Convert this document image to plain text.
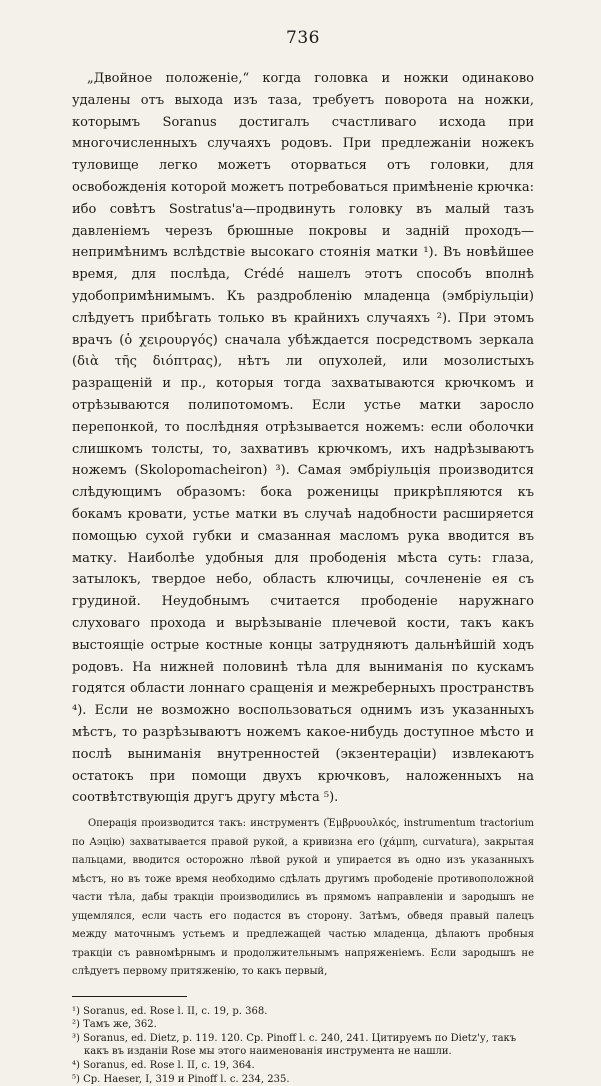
736

„Двойное положеніе,“ когда головка и ножки одинаково удалены отъ выхода изъ таза, требуетъ поворота на ножки, которымъ Soranus достигалъ счастливаго исхода при многочисленныхъ случаяхъ родовъ. При предлежаніи ножекъ туловище легко можетъ оторваться отъ головки, для освобожденія которой можетъ потребоваться примѣненіе крючка: ибо совѣтъ Sostratus'а—продвинуть головку въ малый тазъ давленіемъ черезъ брюшные покровы и задній проходъ—непримѣнимъ вслѣдствіе высокаго стоянія матки ¹). Въ новѣйшее время, для послѣда, Crédé нашелъ этотъ способъ вполнѣ удобопримѣнимымъ. Къ раздробленію младенца (эмбріульціи) слѣдуетъ прибѣгать только въ крайнихъ случаяхъ ²). При этомъ врачъ (ὁ χειρουργός) сначала убѣждается посредствомъ зеркала (διὰ τῆς διόπτρας), нѣтъ ли опухолей, или мозолистыхъ разращеній и пр., которыя тогда захватываются крючкомъ и отрѣзываются полипотомомъ. Если устье матки заросло перепонкой, то послѣдняя отрѣзывается ножемъ: если оболочки слишкомъ толсты, то, захвативъ крючкомъ, ихъ надрѣзываютъ ножемъ (Skolopomacheiron) ³). Самая эмбріульція производится слѣдующимъ образомъ: бока роженицы прикрѣпляются къ бокамъ кровати, устье матки въ случаѣ надобности расширяется помощью сухой губки и смазанная масломъ рука вводится въ матку. Наиболѣе удобныя для прободенія мѣста суть: глаза, затылокъ, твердое небо, область ключицы, сочлененіе ея съ грудиной. Неудобнымъ считается прободеніе наружнаго слуховаго прохода и вырѣзываніе плечевой кости, такъ какъ выстоящіе острые костные концы затрудняютъ дальнѣйшій ходъ родовъ. На нижней половинѣ тѣла для выниманія по кускамъ годятся области лоннаго сращенія и межреберныхъ пространствъ ⁴). Если не возможно воспользоваться однимъ изъ указанныхъ мѣстъ, то разрѣзываютъ ножемъ какое-нибудь доступное мѣсто и послѣ выниманія внутренностей (экзентераціи) извлекаютъ остатокъ при помощи двухъ крючковъ, наложенныхъ на соотвѣтствующія другъ другу мѣста ⁵).

Операція производится такъ: инструментъ (Ἐμβρυουλκός, instrumentum tractorium по Аэцію) захватывается правой рукой, а кривизна его (χάμπη, curvatura), закрытая пальцами, вводится осторожно лѣвой рукой и упирается въ одно изъ указанныхъ мѣстъ, но въ тоже время необходимо сдѣлать другимъ прободеніе противоположной части тѣла, дабы тракціи производились въ прямомъ направленіи и зародышъ не ущемлялся, если часть его подастся въ сторону. Затѣмъ, обведя правый палецъ между маточнымъ устьемъ и предлежащей частью младенца, дѣлаютъ пробныя тракціи съ равномѣрнымъ и продолжительнымъ напряженіемъ. Если зародышъ не слѣдуетъ первому притяженію, то какъ первый,

¹) Soranus, ed. Rose l. II, c. 19, p. 368.
²) Тамъ же, 362.
³) Soranus, ed. Dietz, p. 119. 120. Cp. Pinoff l. c. 240, 241. Цитируемъ по Dietz'у, такъ какъ въ изданіи Rose мы этого наименованія инструмента не нашли.
⁴) Soranus, ed. Rose l. II, c. 19, 364.
⁵) Cp. Haeser, I, 319 и Pinoff l. c. 234, 235.
